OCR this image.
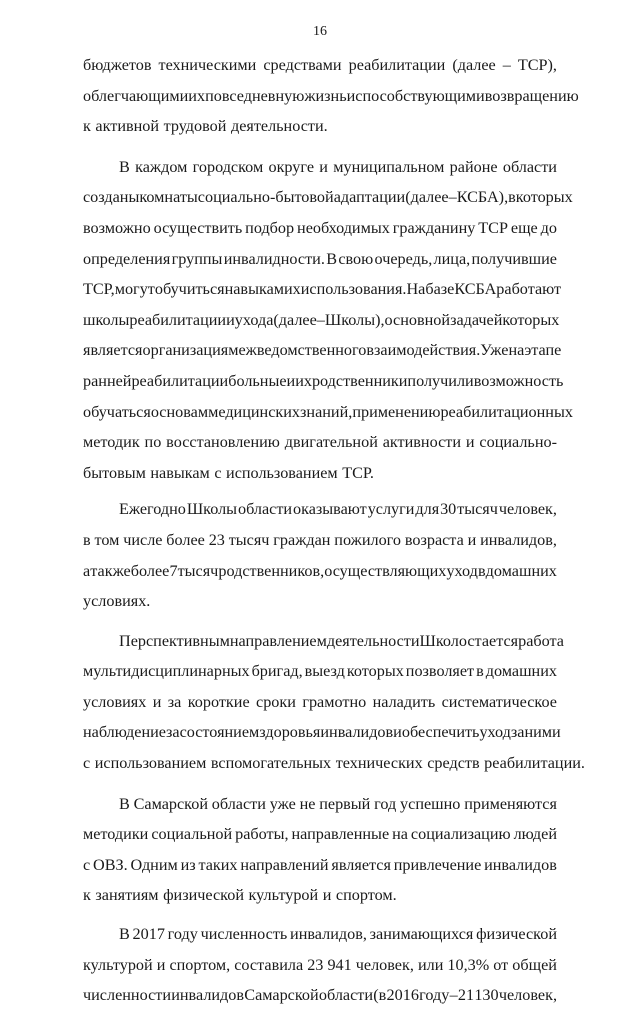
16
бюджетов техническими средствами реабилитации (далее – ТСР),
облегчающими их повседневную жизнь и способствующими возвращению
к активной трудовой деятельности.
В каждом городском округе и муниципальном районе области
созданы комнаты социально-бытовой адаптации (далее – КСБА), в которых
возможно осуществить подбор необходимых гражданину ТСР еще до
определения группы инвалидности. В свою очередь, лица, получившие
ТСР, могут обучиться навыкам их использования. На базе КСБА работают
школы реабилитации и ухода (далее – Школы), основной задачей которых
является организация межведомственного взаимодействия. Уже на этапе
ранней реабилитации больные и их родственники получили возможность
обучаться основам медицинских знаний, применению реабилитационных
методик по восстановлению двигательной активности и социально-
бытовым навыкам с использованием ТСР.
Ежегодно Школы области оказывают услуги для 30 тысяч человек,
в том числе более 23 тысяч граждан пожилого возраста и инвалидов,
а также более 7 тысяч родственников, осуществляющих уход в домашних
условиях.
Перспективным направлением деятельности Школ остается работа
мультидисциплинарных бригад, выезд которых позволяет в домашних
условиях и за короткие сроки грамотно наладить систематическое
наблюдение за состоянием здоровья инвалидов и обеспечить уход за ними
с использованием вспомогательных технических средств реабилитации.
В Самарской области уже не первый год успешно применяются
методики социальной работы, направленные на социализацию людей
с ОВЗ. Одним из таких направлений является привлечение инвалидов
к занятиям физической культурой и спортом.
В 2017 году численность инвалидов, занимающихся физической
культурой и спортом, составила 23 941 человек, или 10,3% от общей
численности инвалидов Самарской области (в 2016 году – 21 130 человек,
